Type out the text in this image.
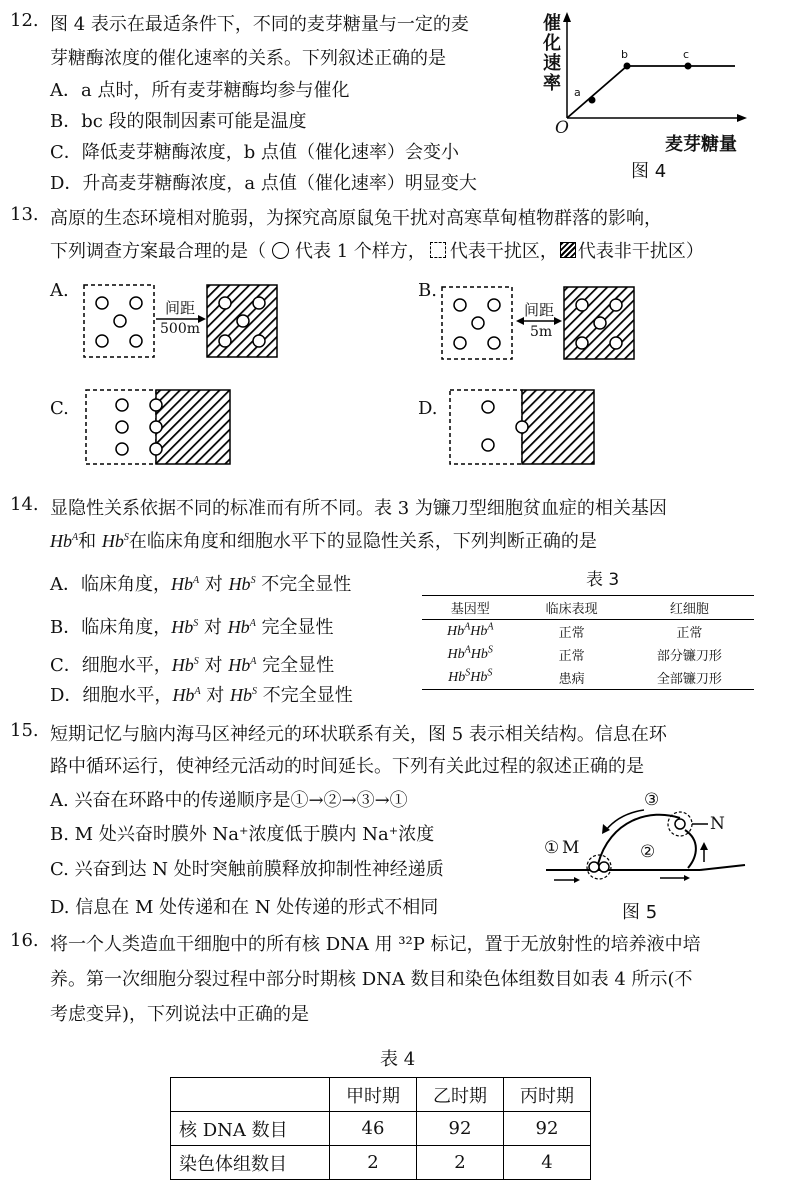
12. 图 4 表示在最适条件下，不同的麦芽糖量与一定的麦
芽糖酶浓度的催化速率的关系。下列叙述正确的是
A．a 点时，所有麦芽糖酶均参与催化
B．bc 段的限制因素可能是温度
C．降低麦芽糖酶浓度，b 点值（催化速率）会变小
D．升高麦芽糖酶浓度，a 点值（催化速率）明显变大
催化速率 a
b	c
O
麦芽糖量
图 4
13. 高原的生态环境相对脆弱，为探究高原鼠兔干扰对高寒草甸植物群落的影响，
下列调查方案最合理的是（ 代表 1 个样方， 代表干扰区， 代表非干扰区）
A.	B.
C.	D.
间距
500m
间距
5m
14. 显隐性关系依据不同的标准而有所不同。表 3 为镰刀型细胞贫血症的相关基因
$Hb^A$和 $Hb^S$在临床角度和细胞水平下的显隐性关系，下列判断正确的是
A．临床角度，$Hb^A$ 对 $Hb^S$ 不完全显性
B．临床角度，$Hb^S$ 对 $Hb^A$ 完全显性
C．细胞水平，$Hb^S$ 对 $Hb^A$ 完全显性
D．细胞水平，$Hb^A$ 对 $Hb^S$ 不完全显性
表 3
基因型	临床表现	红细胞
$Hb^AHb^A$	正常	正常
$Hb^AHb^S$	正常	部分镰刀形
$Hb^SHb^S$	患病	全部镰刀形
15. 短期记忆与脑内海马区神经元的环状联系有关，图 5 表示相关结构。信息在环
路中循环运行，使神经元活动的时间延长。下列有关此过程的叙述正确的是
A. 兴奋在环路中的传递顺序是①→②→③→①
B. M 处兴奋时膜外 Na⁺浓度低于膜内 Na⁺浓度
C. 兴奋到达 N 处时突触前膜释放抑制性神经递质
D. 信息在 M 处传递和在 N 处传递的形式不相同
① M	②
③
N
图 5
16. 将一个人类造血干细胞中的所有核 DNA 用 ³²P 标记，置于无放射性的培养液中培
养。第一次细胞分裂过程中部分时期核 DNA 数目和染色体组数目如表 4 所示(不
考虑变异)，下列说法中正确的是
表 4
	甲时期	乙时期	丙时期
核 DNA 数目	46	92	92
染色体组数目	2	2	4
